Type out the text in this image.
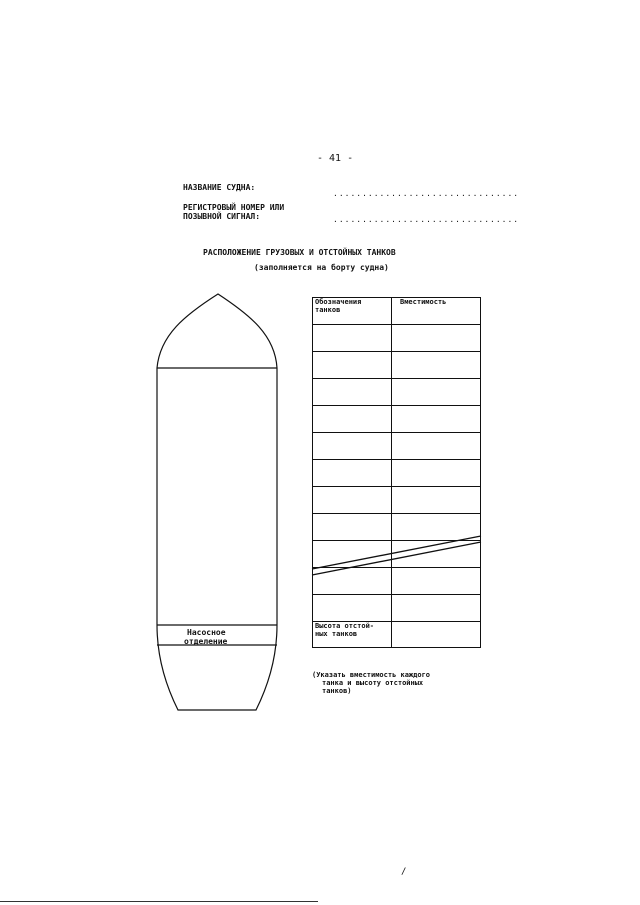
- 41 -
НАЗВАНИЕ СУДНА:
................................
РЕГИСТРОВЫЙ НОМЕР ИЛИ
ПОЗЫВНОЙ СИГНАЛ:	................................
РАСПОЛОЖЕНИЕ ГРУЗОВЫХ И ОТСТОЙНЫХ ТАНКОВ
(заполняется на борту судна)
Насосное
отделение
Обозначения
танков	Вместимость

Высота отстой-
ных танков	
(Указать вместимость каждого
танка и высоту отстойных
танков)
/
